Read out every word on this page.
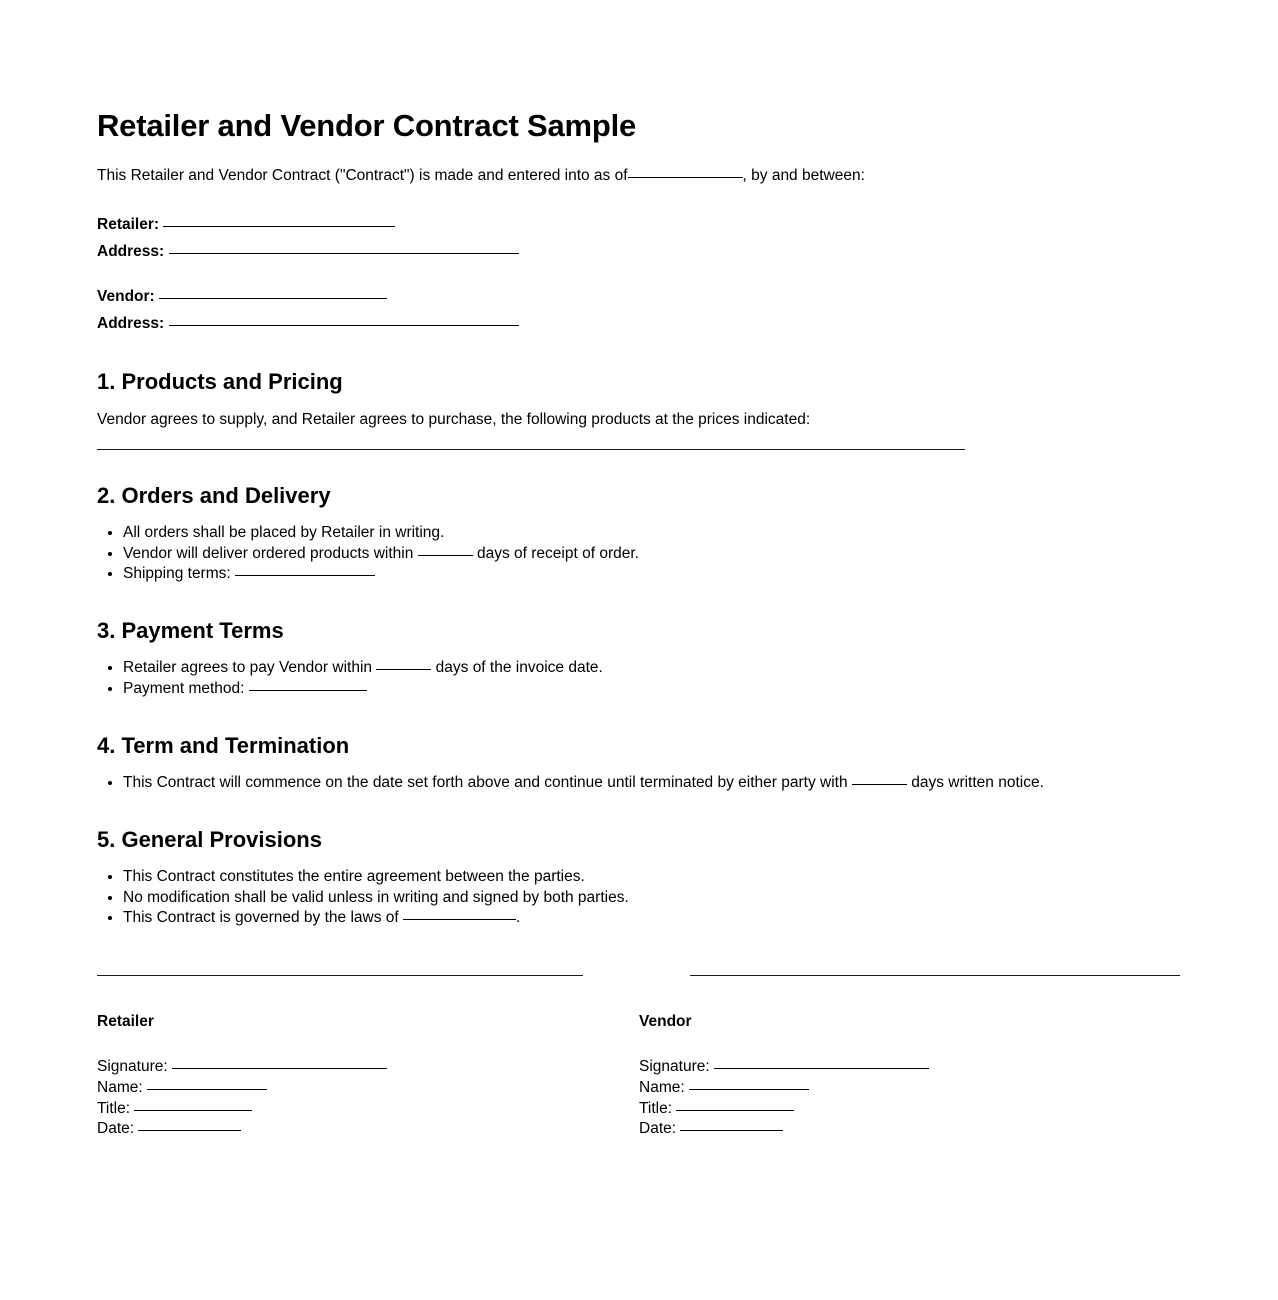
Retailer and Vendor Contract Sample

This Retailer and Vendor Contract ("Contract") is made and entered into as of	, by and between:

Retailer:
Address:
Vendor:
Address:
1. Products and Pricing

Vendor agrees to supply, and Retailer agrees to purchase, the following products at the prices indicated:

2. Orders and Delivery
• All orders shall be placed by Retailer in writing.
• Vendor will deliver ordered products within	days of receipt of order.
• Shipping terms:
3. Payment Terms
• Retailer agrees to pay Vendor within	days of the invoice date.
• Payment method:
4. Term and Termination
• This Contract will commence on the date set forth above and continue until terminated by either party with	days written notice.
5. General Provisions
• This Contract constitutes the entire agreement between the parties.
• No modification shall be valid unless in writing and signed by both parties.
• This Contract is governed by the laws of	.
Retailer
Signature:
Name:
Title:
Date:
Vendor
Signature:
Name:
Title:
Date:
